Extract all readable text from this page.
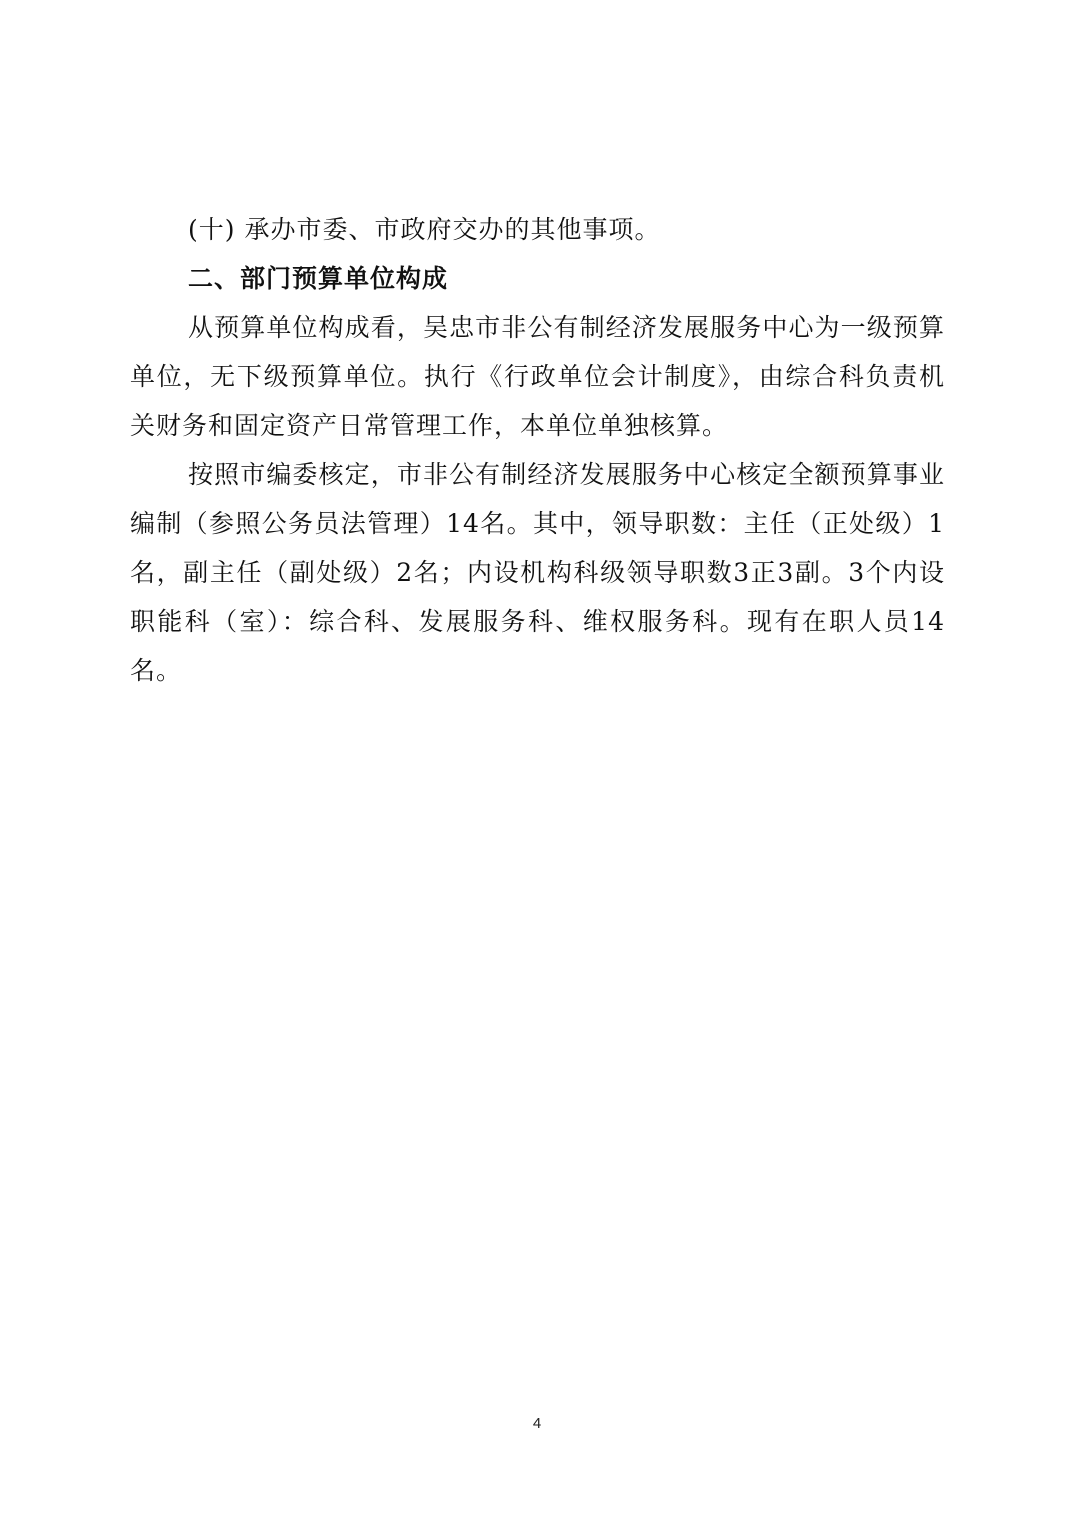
(十) 承办市委、市政府交办的其他事项。

二、部门预算单位构成

从预算单位构成看，吴忠市非公有制经济发展服务中心为一级预算单位，无下级预算单位。执行《行政单位会计制度》，由综合科负责机关财务和固定资产日常管理工作，本单位单独核算。

按照市编委核定，市非公有制经济发展服务中心核定全额预算事业编制（参照公务员法管理）14名。其中，领导职数：主任（正处级）1名，副主任（副处级）2名；内设机构科级领导职数3正3副。3个内设职能科（室）：综合科、发展服务科、维权服务科。现有在职人员14名。

4
